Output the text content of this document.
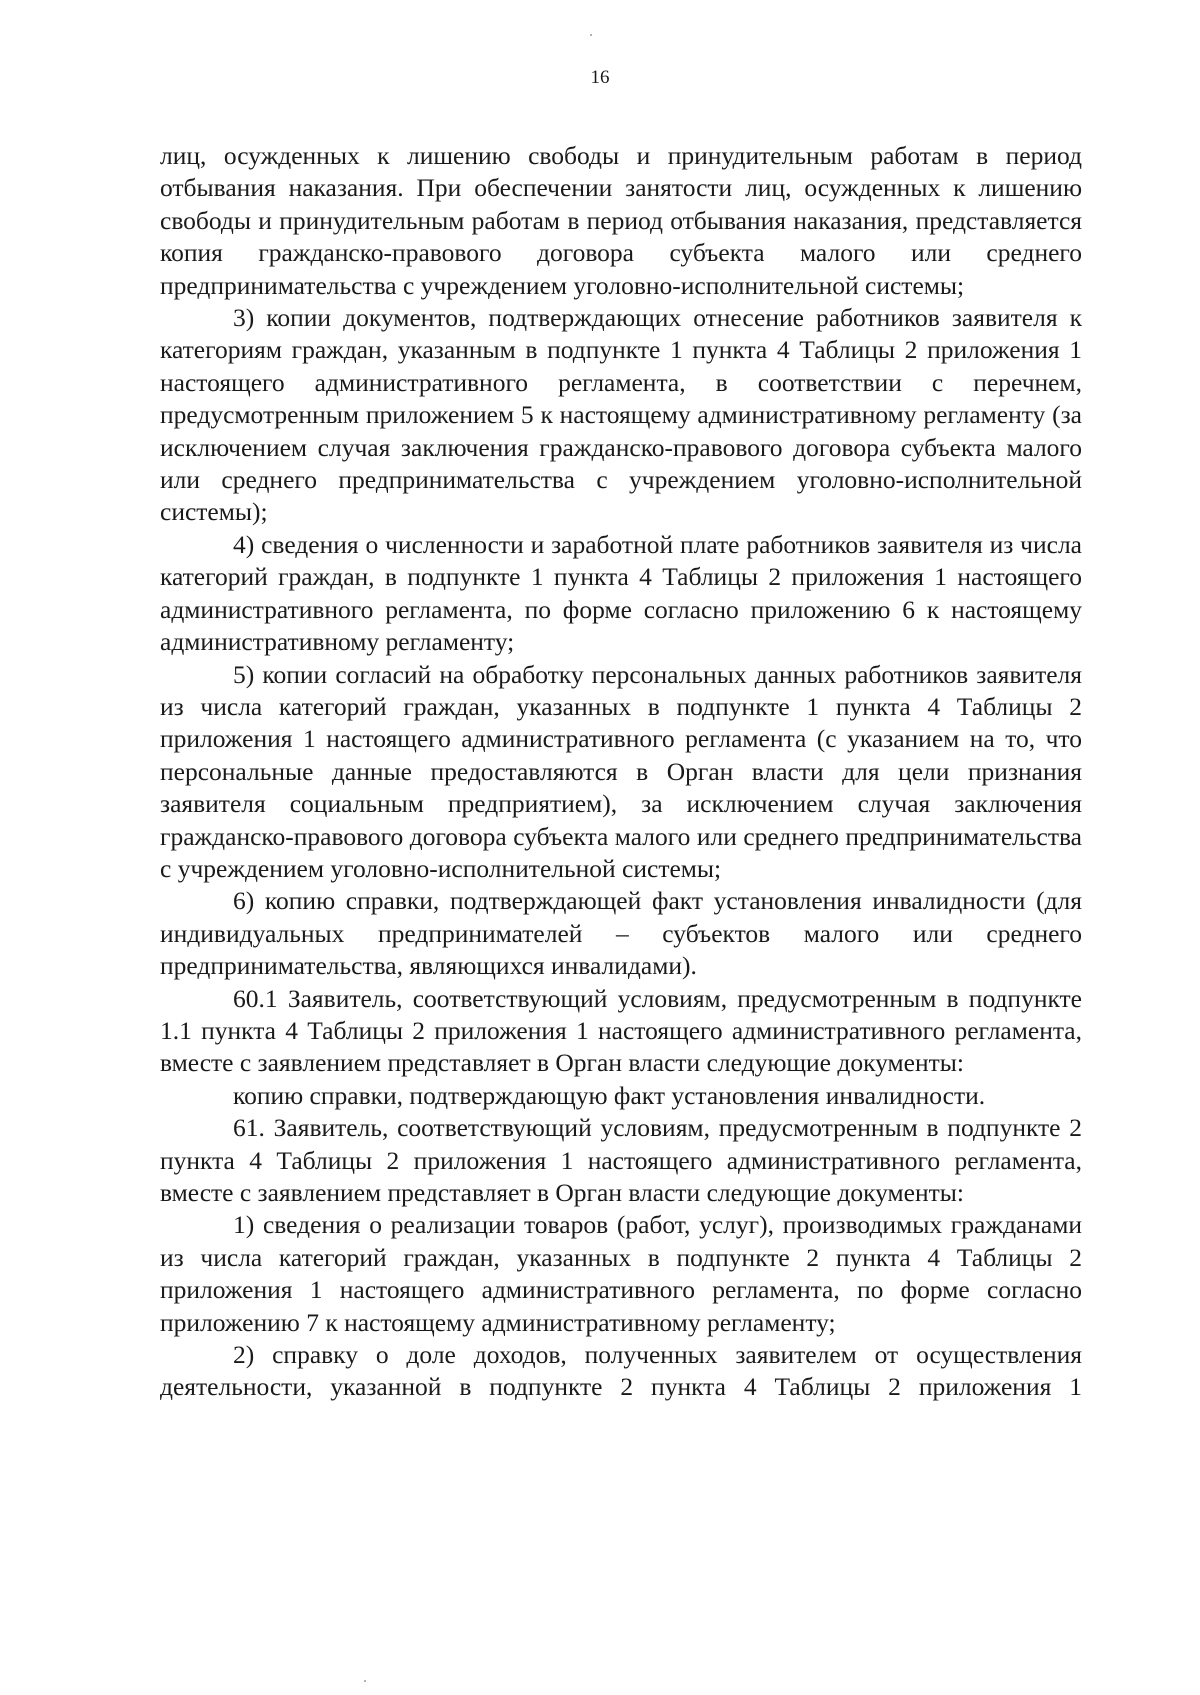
16

лиц, осужденных к лишению свободы и принудительным работам в период отбывания наказания. При обеспечении занятости лиц, осужденных к лишению свободы и принудительным работам в период отбывания наказания, представляется копия гражданско-правового договора субъекта малого или среднего предпринимательства с учреждением уголовно-исполнительной системы;

3) копии документов, подтверждающих отнесение работников заявителя к категориям граждан, указанным в подпункте 1 пункта 4 Таблицы 2 приложения 1 настоящего административного регламента, в соответствии с перечнем, предусмотренным приложением 5 к настоящему административному регламенту (за исключением случая заключения гражданско-правового договора субъекта малого или среднего предпринимательства с учреждением уголовно-исполнительной системы);

4) сведения о численности и заработной плате работников заявителя из числа категорий граждан, в подпункте 1 пункта 4 Таблицы 2 приложения 1 настоящего административного регламента, по форме согласно приложению 6 к настоящему административному регламенту;

5) копии согласий на обработку персональных данных работников заявителя из числа категорий граждан, указанных в подпункте 1 пункта 4 Таблицы 2 приложения 1 настоящего административного регламента (с указанием на то, что персональные данные предоставляются в Орган власти для цели признания заявителя социальным предприятием), за исключением случая заключения гражданско-правового договора субъекта малого или среднего предпринимательства с учреждением уголовно-исполнительной системы;

6) копию справки, подтверждающей факт установления инвалидности (для индивидуальных предпринимателей – субъектов малого или среднего предпринимательства, являющихся инвалидами).

60.1 Заявитель, соответствующий условиям, предусмотренным в подпункте 1.1 пункта 4 Таблицы 2 приложения 1 настоящего административного регламента, вместе с заявлением представляет в Орган власти следующие документы:

копию справки, подтверждающую факт установления инвалидности.

61. Заявитель, соответствующий условиям, предусмотренным в подпункте 2 пункта 4 Таблицы 2 приложения 1 настоящего административного регламента, вместе с заявлением представляет в Орган власти следующие документы:

1) сведения о реализации товаров (работ, услуг), производимых гражданами из числа категорий граждан, указанных в подпункте 2 пункта 4 Таблицы 2 приложения 1 настоящего административного регламента, по форме согласно приложению 7 к настоящему административному регламенту;

2) справку о доле доходов, полученных заявителем от осуществления деятельности, указанной в подпункте 2 пункта 4 Таблицы 2 приложения 1
